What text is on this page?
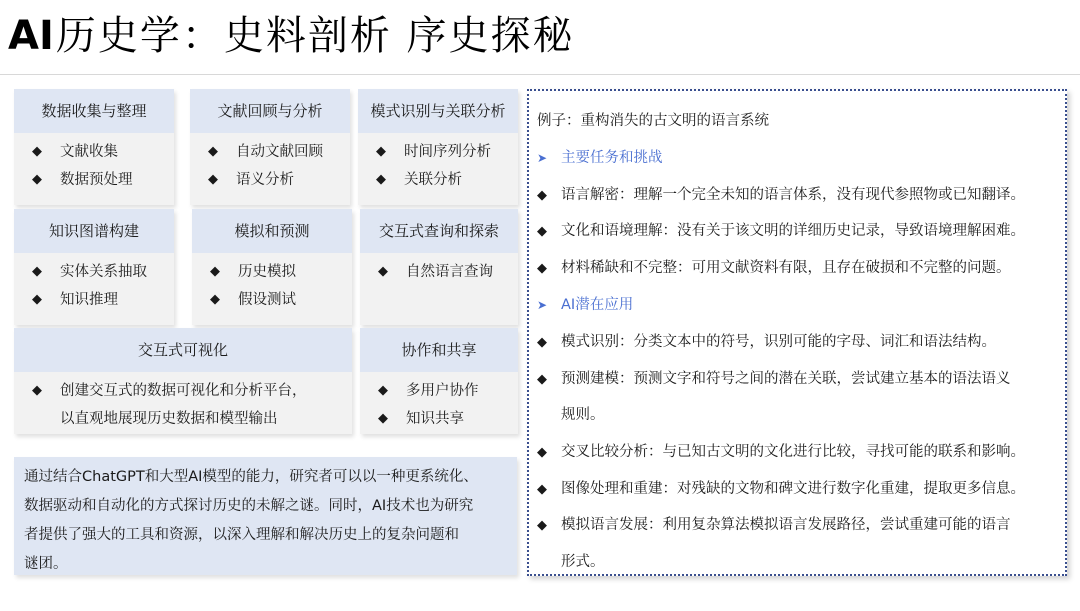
AI历史学：史料剖析 序史探秘
数据收集与整理
◆ 文献收集
◆ 数据预处理
文献回顾与分析
◆ 自动文献回顾
◆ 语义分析
模式识别与关联分析
◆ 时间序列分析
◆ 关联分析
知识图谱构建
◆ 实体关系抽取
◆ 知识推理
模拟和预测
◆ 历史模拟
◆ 假设测试
交互式查询和探索
◆ 自然语言查询
交互式可视化
◆ 创建交互式的数据可视化和分析平台，
以直观地展现历史数据和模型输出
协作和共享
◆ 多用户协作
◆ 知识共享
通过结合ChatGPT和大型AI模型的能力，研究者可以以一种更系统化、
数据驱动和自动化的方式探讨历史的未解之谜。同时，AI技术也为研究
者提供了强大的工具和资源，以深入理解和解决历史上的复杂问题和
谜团。
例子：重构消失的古文明的语言系统
➤ 主要任务和挑战
◆ 语言解密：理解一个完全未知的语言体系，没有现代参照物或已知翻译。
◆ 文化和语境理解：没有关于该文明的详细历史记录，导致语境理解困难。
◆ 材料稀缺和不完整：可用文献资料有限，且存在破损和不完整的问题。
➤ AI潜在应用
◆ 模式识别：分类文本中的符号，识别可能的字母、词汇和语法结构。
◆ 预测建模：预测文字和符号之间的潜在关联，尝试建立基本的语法语义
规则。
◆ 交叉比较分析：与已知古文明的文化进行比较，寻找可能的联系和影响。
◆ 图像处理和重建：对残缺的文物和碑文进行数字化重建，提取更多信息。
◆ 模拟语言发展：利用复杂算法模拟语言发展路径，尝试重建可能的语言
形式。
